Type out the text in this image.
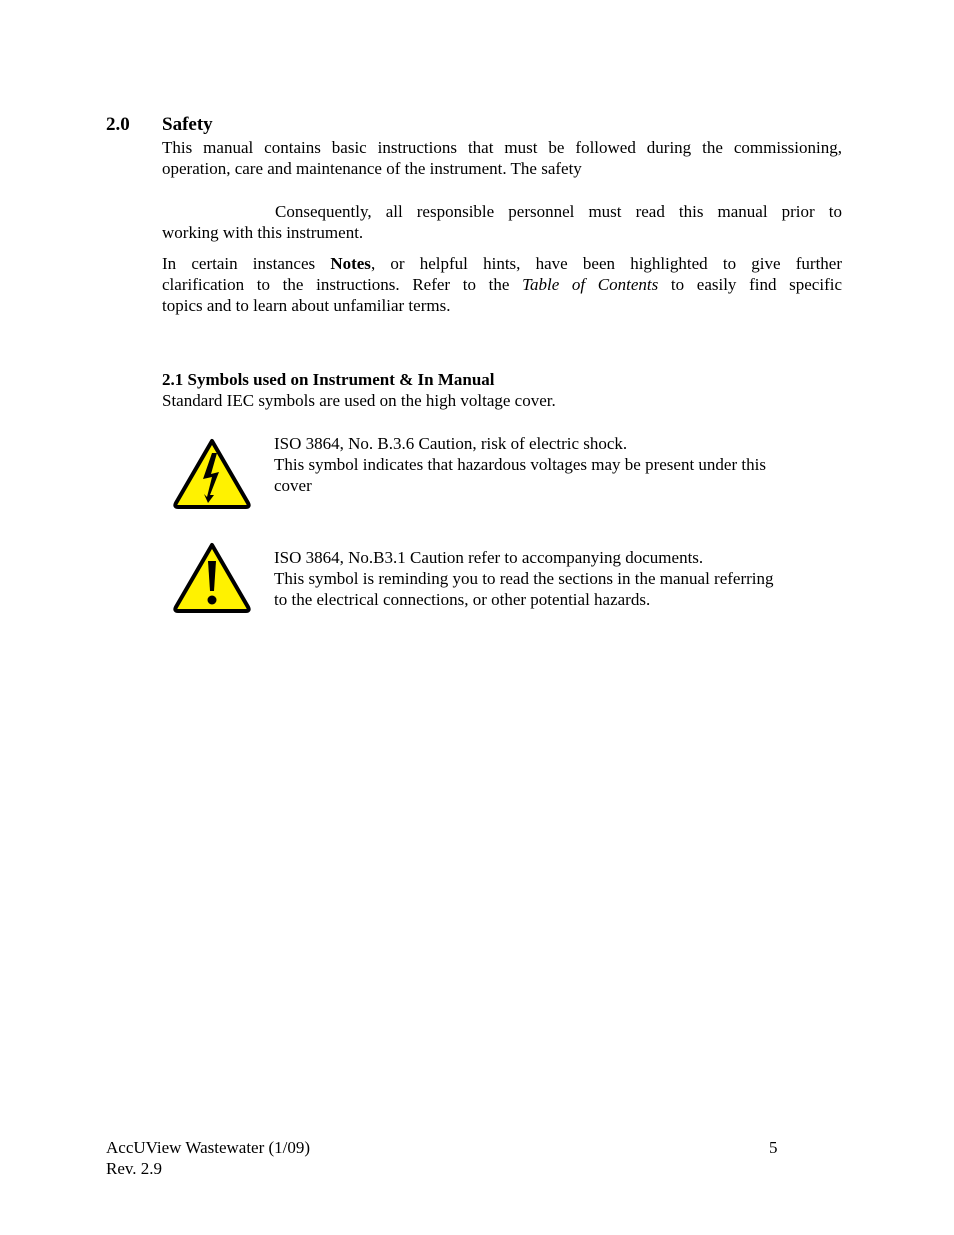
2.0 Safety
This manual contains basic instructions that must be followed during the commissioning,
operation, care and maintenance of the instrument. The safety
Consequently, all responsible personnel must read this manual prior to
working with this instrument.
In certain instances Notes, or helpful hints, have been highlighted to give further
clarification to the instructions. Refer to the Table of Contents to easily find specific
topics and to learn about unfamiliar terms.
2.1 Symbols used on Instrument & In Manual
Standard IEC symbols are used on the high voltage cover.
ISO 3864, No. B.3.6 Caution, risk of electric shock.
This symbol indicates that hazardous voltages may be present under this
cover
ISO 3864, No.B3.1 Caution refer to accompanying documents.
This symbol is reminding you to read the sections in the manual referring
to the electrical connections, or other potential hazards.
AccUView Wastewater (1/09)
Rev. 2.9
5
